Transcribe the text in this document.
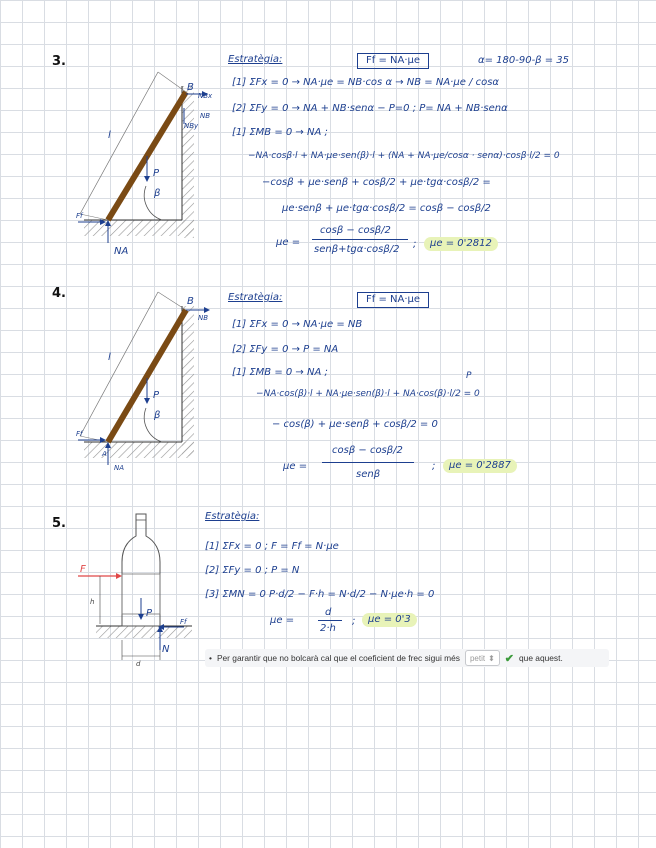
3.
B
NBx
NB
NBy
l
P
β
Ff
NA
Estratègia:	Ff = NA·μe	α= 180-90-β = 35
[1] ΣFx = 0 → NA·μe = NB·cos α → NB = NA·μe / cosα
[2] ΣFy = 0 → NA + NB·senα − P=0 ; P= NA + NB·senα
[1] ΣMB = 0 → NA ;
−NA·cosβ·l + NA·μe·sen(β)·l + (NA + NA·μe/cosα · senα)·cosβ·l/2 = 0
−cosβ + μe·senβ + cosβ/2 + μe·tgα·cosβ/2 =
μe·senβ + μe·tgα·cosβ/2 = cosβ − cosβ/2
μe =
cosβ − cosβ/2
senβ+tgα·cosβ/2 ;	μe = 0'2812
4.
B
NB
l
P
β
Ff
A
NA
Estratègia:	Ff = NA·μe
[1] ΣFx = 0 → NA·μe = NB
[2] ΣFy = 0 → P = NA
[1] ΣMB = 0 → NA ;	P
−NA·cos(β)·l + NA·μe·sen(β)·l + NA·cos(β)·l/2 = 0
− cos(β) + μe·senβ + cosβ/2 = 0
μe =
cosβ − cosβ/2
senβ
;	μe = 0'2887
5.
F
h
P
Ff
N
d
Estratègia:
[1] ΣFx = 0 ; F = Ff = N·μe
[2] ΣFy = 0 ; P = N
[3] ΣMN = 0 P·d/2 − F·h = N·d/2 − N·μe·h = 0
μe =
d
2·h
;	μe = 0'3
• Per garantir que no bolcarà cal que el coeficient de frec sigui més petit ⬍ ✔ que aquest.
